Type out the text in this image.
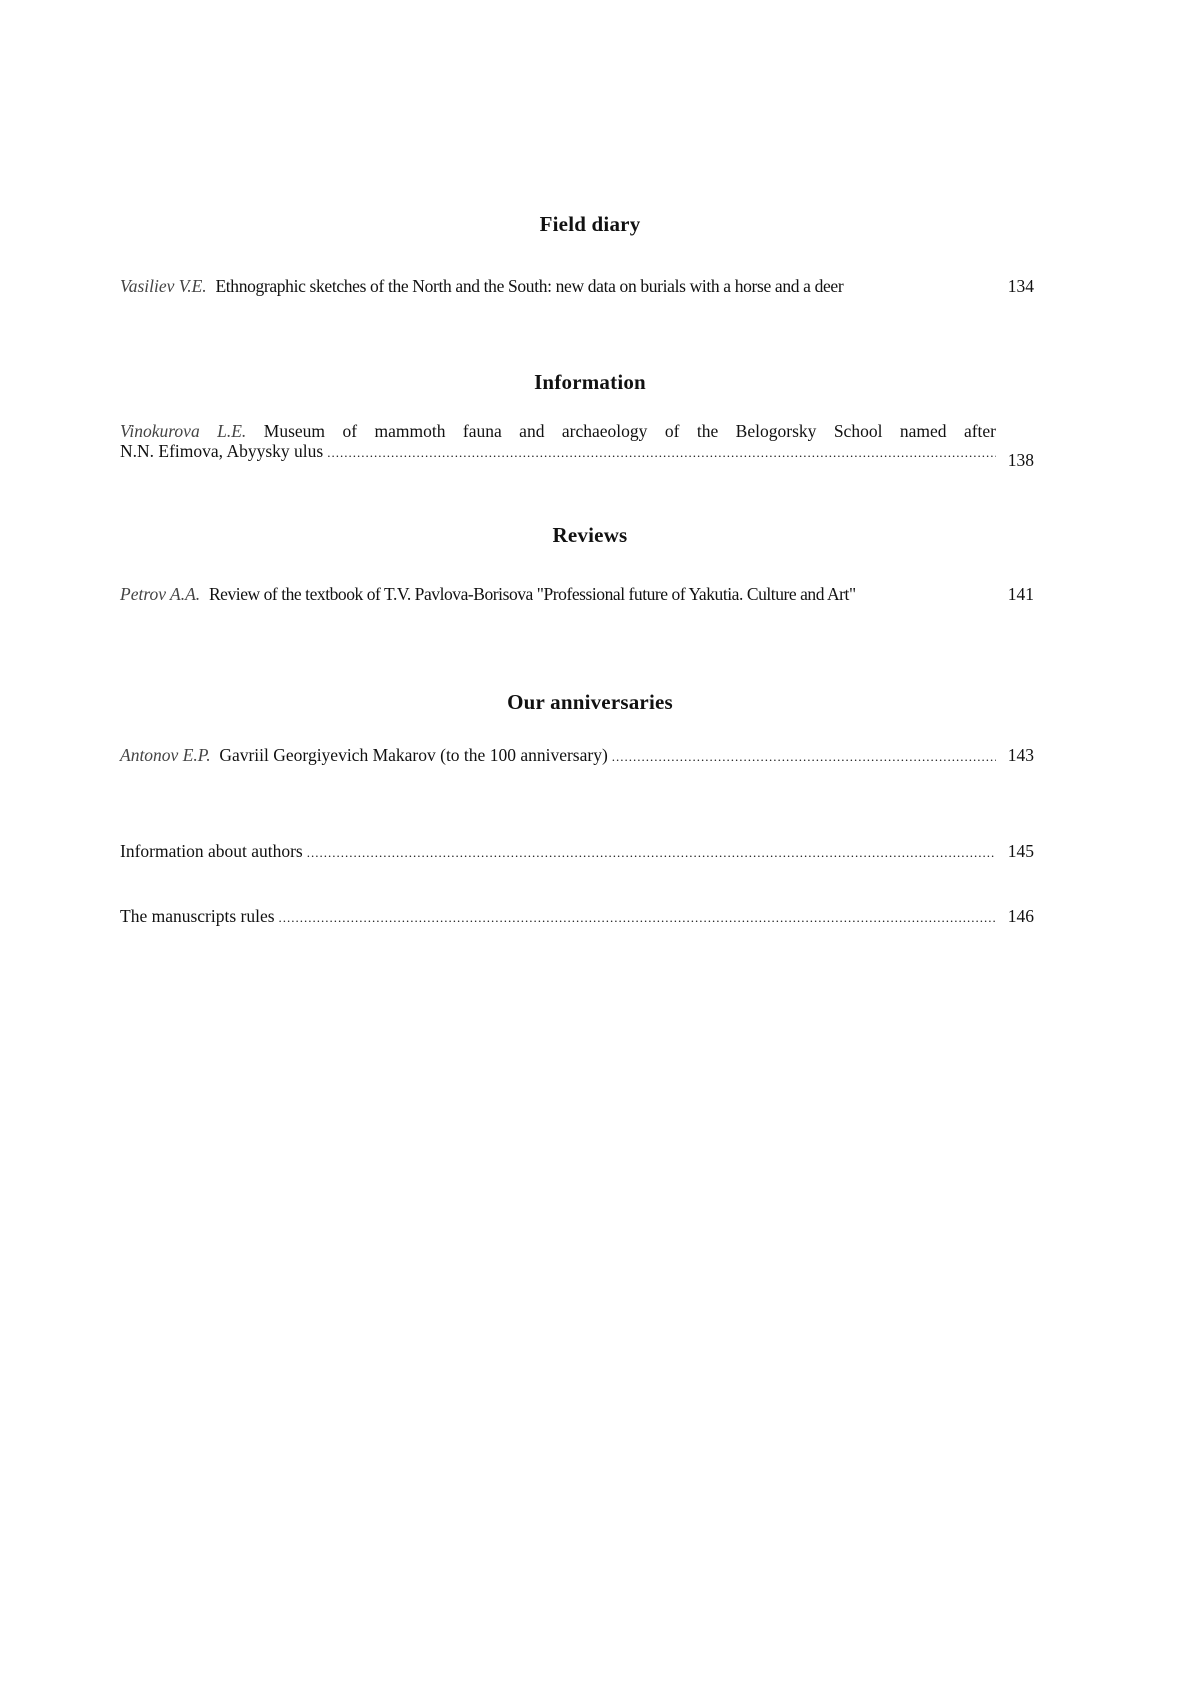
Field diary
Vasiliev V.E. Ethnographic sketches of the North and the South: new data on burials with a horse and a deer	134
Information
Vinokurova L.E. Museum of mammoth fauna and archaeology of the Belogorsky School named after
N.N. Efimova, Abyysky ulus .....	138
Reviews
Petrov A.A. Review of the textbook of T.V. Pavlova-Borisova "Professional future of Yakutia. Culture and Art"	141
Our anniversaries
Antonov E.P. Gavriil Georgiyevich Makarov (to the 100 anniversary) .....	143
Information about authors .....	145
The manuscripts rules .....	146
